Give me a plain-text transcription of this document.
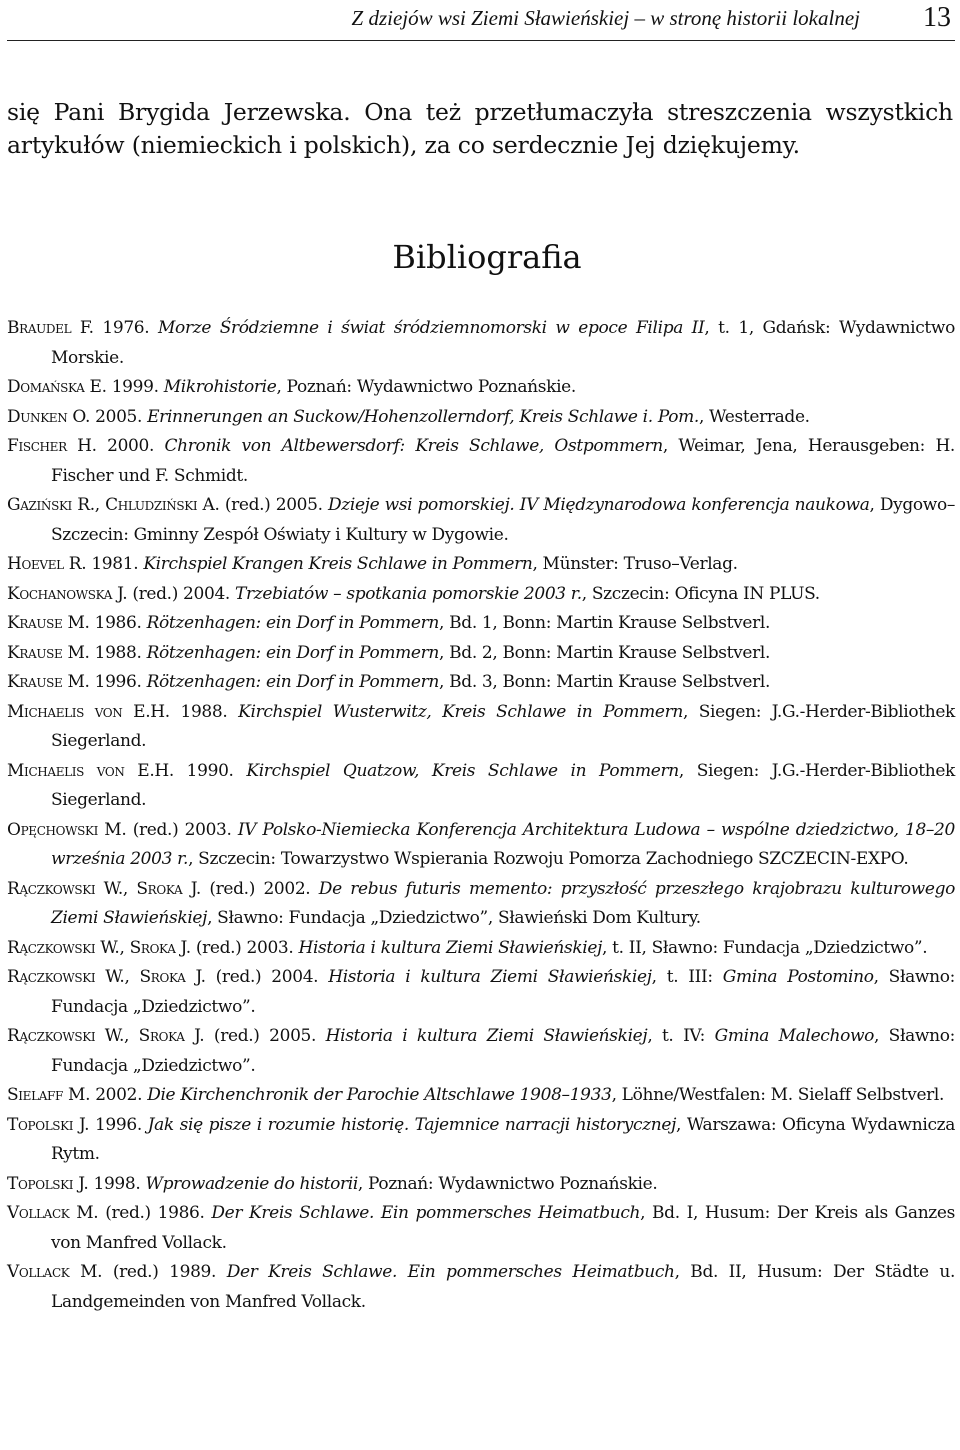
Z dziejów wsi Ziemi Sławieńskiej – w stronę historii lokalnej 13

się Pani Brygida Jerzewska. Ona też przetłumaczyła streszczenia wszystkich artykułów (niemieckich i polskich), za co serdecznie Jej dziękujemy.

Bibliografia
Braudel F. 1976. Morze Śródziemne i świat śródziemnomorski w epoce Filipa II, t. 1, Gdańsk: Wydawnictwo Morskie.
Domańska E. 1999. Mikrohistorie, Poznań: Wydawnictwo Poznańskie.
Dunken O. 2005. Erinnerungen an Suckow/Hohenzollerndorf, Kreis Schlawe i. Pom., Westerrade.
Fischer H. 2000. Chronik von Altbewersdorf: Kreis Schlawe, Ostpommern, Weimar, Jena, Herausgeben: H. Fischer und F. Schmidt.
Gaziński R., Chludziński A. (red.) 2005. Dzieje wsi pomorskiej. IV Międzynarodowa konferencja naukowa, Dygowo–Szczecin: Gminny Zespół Oświaty i Kultury w Dygowie.
Hoevel R. 1981. Kirchspiel Krangen Kreis Schlawe in Pommern, Münster: Truso–Verlag.
Kochanowska J. (red.) 2004. Trzebiatów – spotkania pomorskie 2003 r., Szczecin: Oficyna IN PLUS.
Krause M. 1986. Rötzenhagen: ein Dorf in Pommern, Bd. 1, Bonn: Martin Krause Selbstverl.
Krause M. 1988. Rötzenhagen: ein Dorf in Pommern, Bd. 2, Bonn: Martin Krause Selbstverl.
Krause M. 1996. Rötzenhagen: ein Dorf in Pommern, Bd. 3, Bonn: Martin Krause Selbstverl.
Michaelis von E.H. 1988. Kirchspiel Wusterwitz, Kreis Schlawe in Pommern, Siegen: J.G.-Herder-Bibliothek Siegerland.
Michaelis von E.H. 1990. Kirchspiel Quatzow, Kreis Schlawe in Pommern, Siegen: J.G.-Herder-Bibliothek Siegerland.
Opęchowski M. (red.) 2003. IV Polsko-Niemiecka Konferencja Architektura Ludowa – wspólne dziedzictwo, 18–20 września 2003 r., Szczecin: Towarzystwo Wspierania Rozwoju Pomorza Zachodniego SZCZECIN-EXPO.
Rączkowski W., Sroka J. (red.) 2002. De rebus futuris memento: przyszłość przeszłego krajobrazu kulturowego Ziemi Sławieńskiej, Sławno: Fundacja „Dziedzictwo”, Sławieński Dom Kultury.
Rączkowski W., Sroka J. (red.) 2003. Historia i kultura Ziemi Sławieńskiej, t. II, Sławno: Fundacja „Dziedzictwo”.
Rączkowski W., Sroka J. (red.) 2004. Historia i kultura Ziemi Sławieńskiej, t. III: Gmina Postomino, Sławno: Fundacja „Dziedzictwo”.
Rączkowski W., Sroka J. (red.) 2005. Historia i kultura Ziemi Sławieńskiej, t. IV: Gmina Malechowo, Sławno: Fundacja „Dziedzictwo”.
Sielaff M. 2002. Die Kirchenchronik der Parochie Altschlawe 1908–1933, Löhne/Westfalen: M. Sielaff Selbstverl.
Topolski J. 1996. Jak się pisze i rozumie historię. Tajemnice narracji historycznej, Warszawa: Oficyna Wydawnicza Rytm.
Topolski J. 1998. Wprowadzenie do historii, Poznań: Wydawnictwo Poznańskie.
Vollack M. (red.) 1986. Der Kreis Schlawe. Ein pommersches Heimatbuch, Bd. I, Husum: Der Kreis als Ganzes von Manfred Vollack.
Vollack M. (red.) 1989. Der Kreis Schlawe. Ein pommersches Heimatbuch, Bd. II, Husum: Der Städte u. Landgemeinden von Manfred Vollack.
